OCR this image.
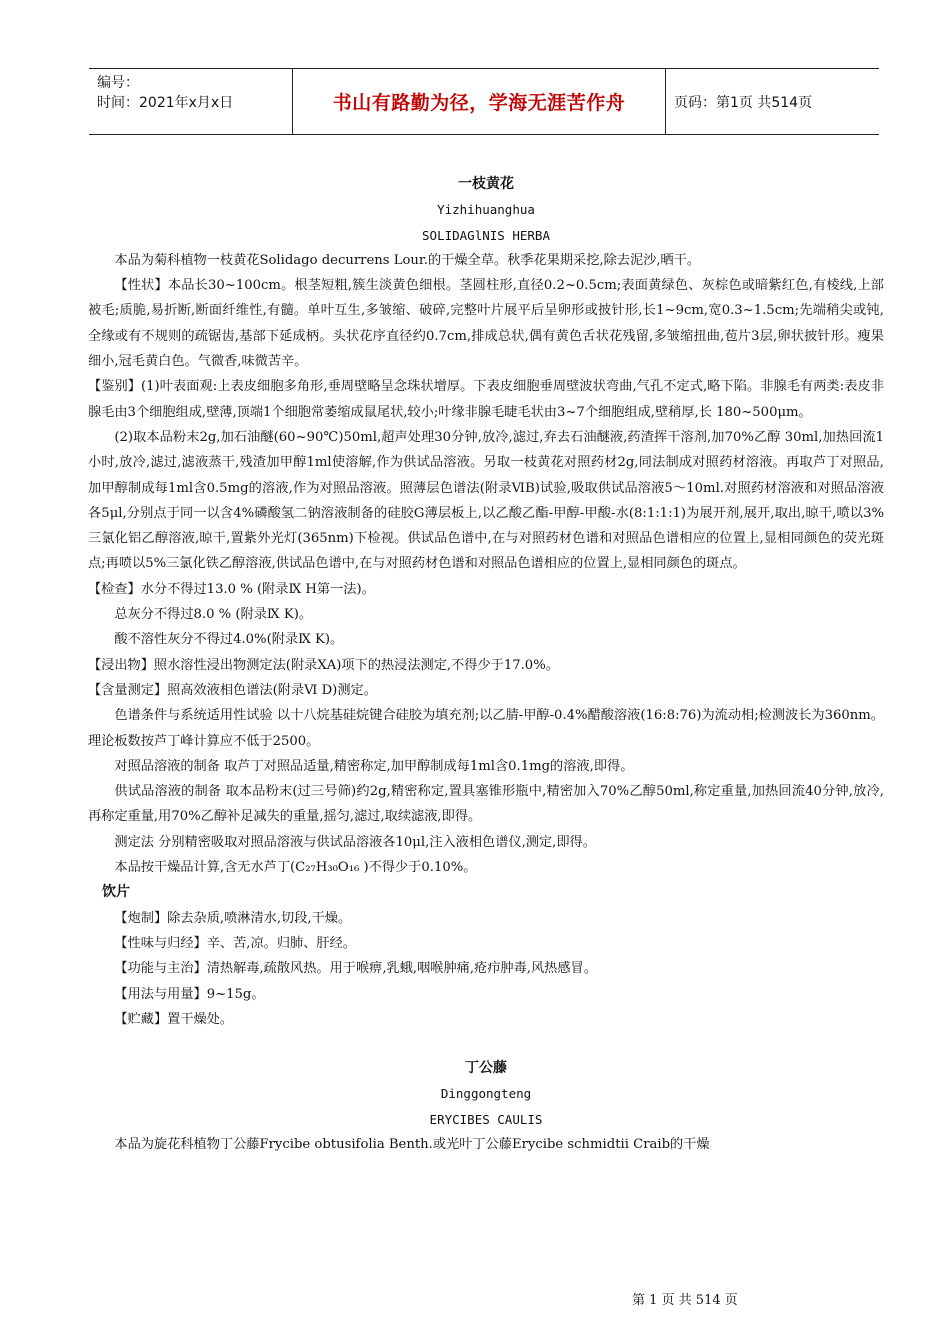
编号：
时间：2021年x月x日	书山有路勤为径，学海无涯苦作舟	页码：第1页 共514页
一枝黄花
Yizhihuanghua
SOLIDAGlNIS HERBA
本品为菊科植物一枝黄花Solidago decurrens Lour.的干燥全草。秋季花果期采挖,除去泥沙,晒干。
【性状】本品长30~100cm。根茎短粗,簇生淡黄色细根。茎圆柱形,直径0.2~0.5cm;表面黄绿色、灰棕色或暗紫红色,有棱线,上部被毛;质脆,易折断,断面纤维性,有髓。单叶互生,多皱缩、破碎,完整叶片展平后呈卵形或披针形,长1~9cm,宽0.3~1.5cm;先端稍尖或钝,全缘或有不规则的疏锯齿,基部下延成柄。头状花序直径约0.7cm,排成总状,偶有黄色舌状花残留,多皱缩扭曲,苞片3层,卵状披针形。瘦果细小,冠毛黄白色。气微香,味微苦辛。
【鉴别】(1)叶表面观:上表皮细胞多角形,垂周壁略呈念珠状增厚。下表皮细胞垂周壁波状弯曲,气孔不定式,略下陷。非腺毛有两类:表皮非腺毛由3个细胞组成,壁薄,顶端1个细胞常萎缩成鼠尾状,较小;叶缘非腺毛睫毛状由3~7个细胞组成,壁稍厚,长 180~500μm。
(2)取本品粉末2g,加石油醚(60~90℃)50ml,超声处理30分钟,放冷,滤过,弃去石油醚液,药渣挥干溶剂,加70%乙醇 30ml,加热回流1小时,放冷,滤过,滤液蒸干,残渣加甲醇1ml使溶解,作为供试品溶液。另取一枝黄花对照药材2g,同法制成对照药材溶液。再取芦丁对照品,加甲醇制成每1ml含0.5mg的溶液,作为对照品溶液。照薄层色谱法(附录ⅥB)试验,吸取供试品溶液5～10ml.对照药材溶液和对照品溶液各5μl,分别点于同一以含4%磷酸氢二钠溶液制备的硅胶G薄层板上,以乙酸乙酯-甲醇-甲酸-水(8:1:1:1)为展开剂,展开,取出,晾干,喷以3%三氯化铝乙醇溶液,晾干,置紫外光灯(365nm)下检视。供试品色谱中,在与对照药材色谱和对照品色谱相应的位置上,显相同颜色的荧光斑点;再喷以5%三氯化铁乙醇溶液,供试品色谱中,在与对照药材色谱和对照品色谱相应的位置上,显相同颜色的斑点。
【检查】水分不得过13.0 % (附录Ⅸ H第一法)。
总灰分不得过8.0 % (附录Ⅸ K)。
酸不溶性灰分不得过4.0%(附录Ⅸ K)。
【浸出物】照水溶性浸出物测定法(附录ⅩA)项下的热浸法测定,不得少于17.0%。
【含量测定】照高效液相色谱法(附录Ⅵ D)测定。
色谱条件与系统适用性试验 以十八烷基硅烷键合硅胶为填充剂;以乙腈-甲醇-0.4%醋酸溶液(16:8:76)为流动相;检测波长为360nm。理论板数按芦丁峰计算应不低于2500。
对照品溶液的制备 取芦丁对照品适量,精密称定,加甲醇制成每1ml含0.1mg的溶液,即得。
供试品溶液的制备 取本品粉末(过三号筛)约2g,精密称定,置具塞锥形瓶中,精密加入70%乙醇50ml,称定重量,加热回流40分钟,放冷,再称定重量,用70%乙醇补足减失的重量,摇匀,滤过,取续滤液,即得。
测定法 分别精密吸取对照品溶液与供试品溶液各10μl,注入液相色谱仪,测定,即得。
本品按干燥品计算,含无水芦丁(C₂₇H₃₀O₁₆ )不得少于0.10%。
饮片
【炮制】除去杂质,喷淋清水,切段,干燥。
【性味与归经】辛、苦,凉。归肺、肝经。
【功能与主治】清热解毒,疏散风热。用于喉痹,乳蛾,咽喉肿痛,疮疖肿毒,风热感冒。
【用法与用量】9~15g。
【贮藏】置干燥处。
丁公藤
Dinggongteng
ERYCIBES CAULIS
本品为旋花科植物丁公藤Frycibe obtusifolia Benth.或光叶丁公藤Erycibe schmidtii Craib的干燥
第 1 页 共 514 页
